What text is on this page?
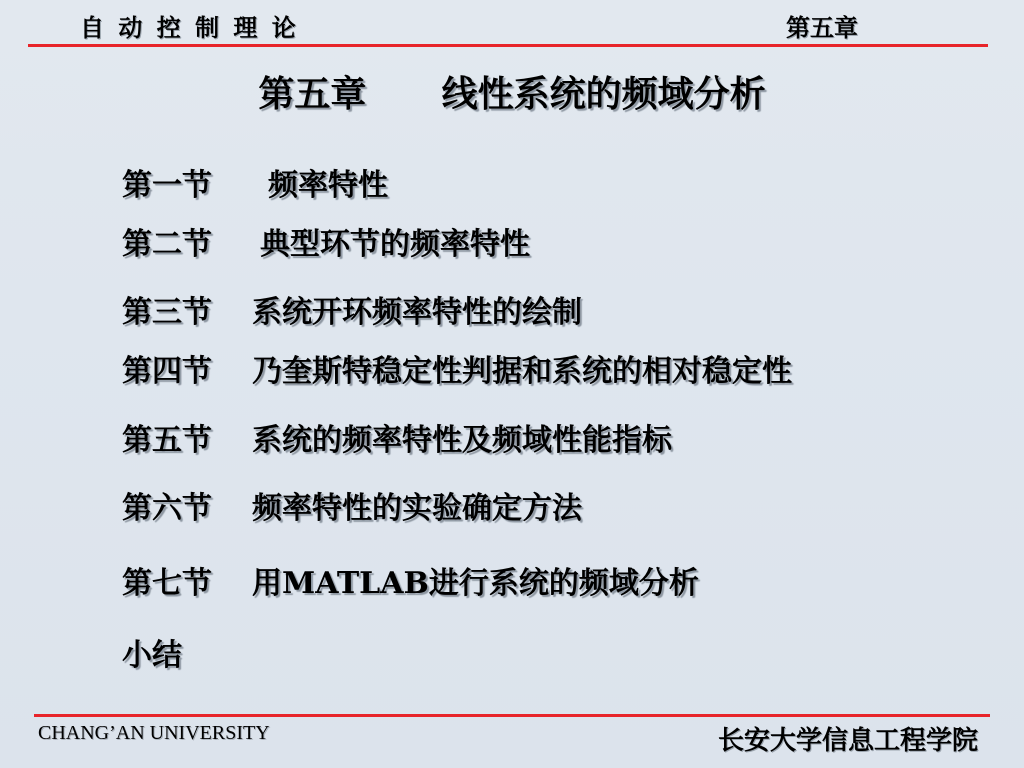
自 动 控 制 理 论	第五章
第五章      线性系统的频域分析
第一节	频率特性
第二节	典型环节的频率特性
第三节	系统开环频率特性的绘制
第四节	乃奎斯特稳定性判据和系统的相对稳定性
第五节	系统的频率特性及频域性能指标
第六节	频率特性的实验确定方法
第七节	用MATLAB进行系统的频域分析
小结
CHANG’AN UNIVERSITY	长安大学信息工程学院
